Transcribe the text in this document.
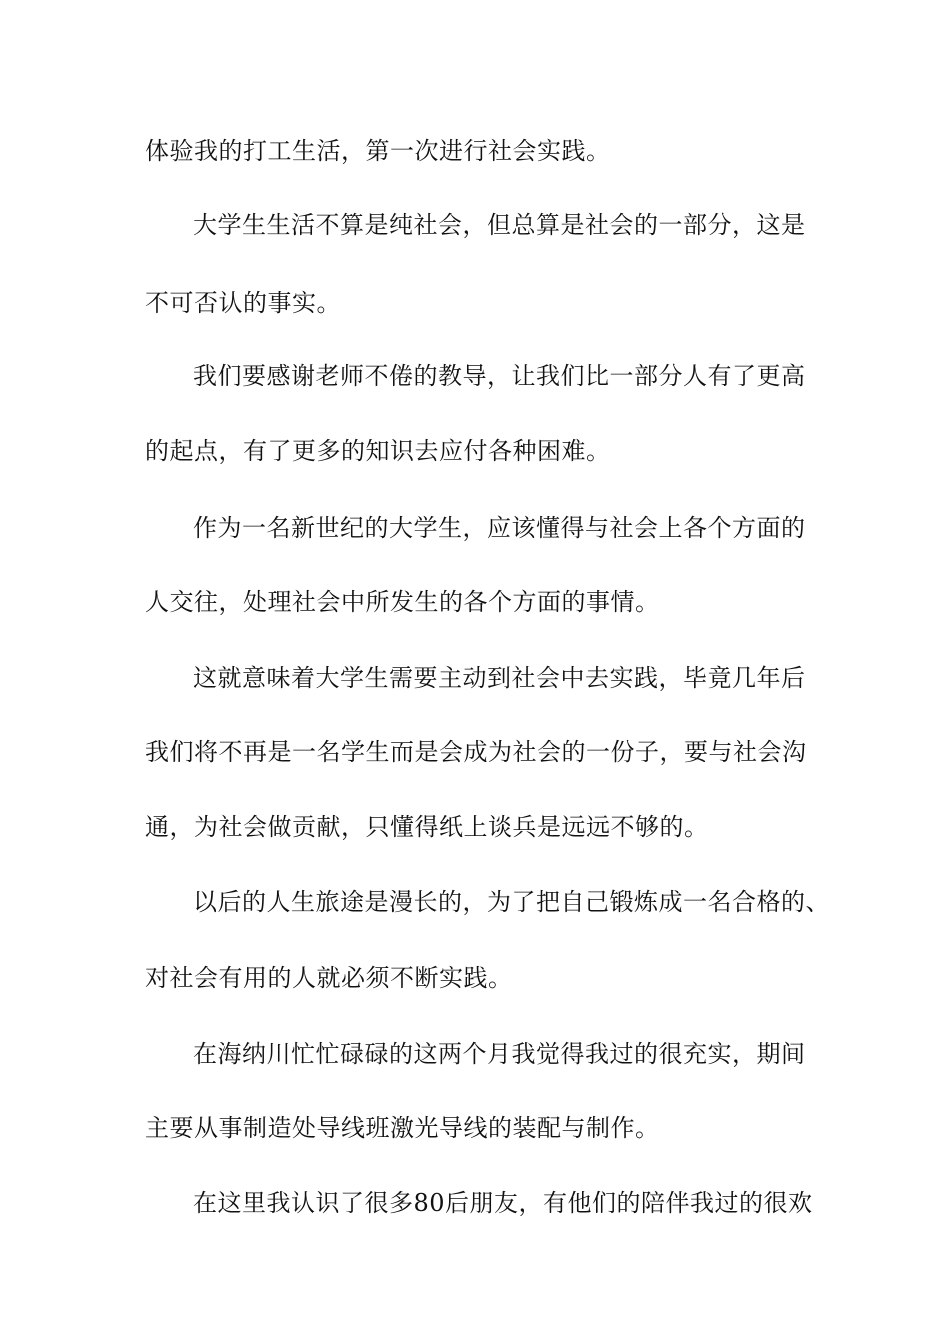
体验我的打工生活，第一次进行社会实践。

大学生生活不算是纯社会，但总算是社会的一部分，这是

不可否认的事实。

我们要感谢老师不倦的教导，让我们比一部分人有了更高

的起点，有了更多的知识去应付各种困难。

作为一名新世纪的大学生，应该懂得与社会上各个方面的

人交往，处理社会中所发生的各个方面的事情。

这就意味着大学生需要主动到社会中去实践，毕竟几年后

我们将不再是一名学生而是会成为社会的一份子，要与社会沟

通，为社会做贡献，只懂得纸上谈兵是远远不够的。

以后的人生旅途是漫长的，为了把自己锻炼成一名合格的、

对社会有用的人就必须不断实践。

在海纳川忙忙碌碌的这两个月我觉得我过的很充实，期间

主要从事制造处导线班激光导线的装配与制作。

在这里我认识了很多80后朋友，有他们的陪伴我过的很欢
